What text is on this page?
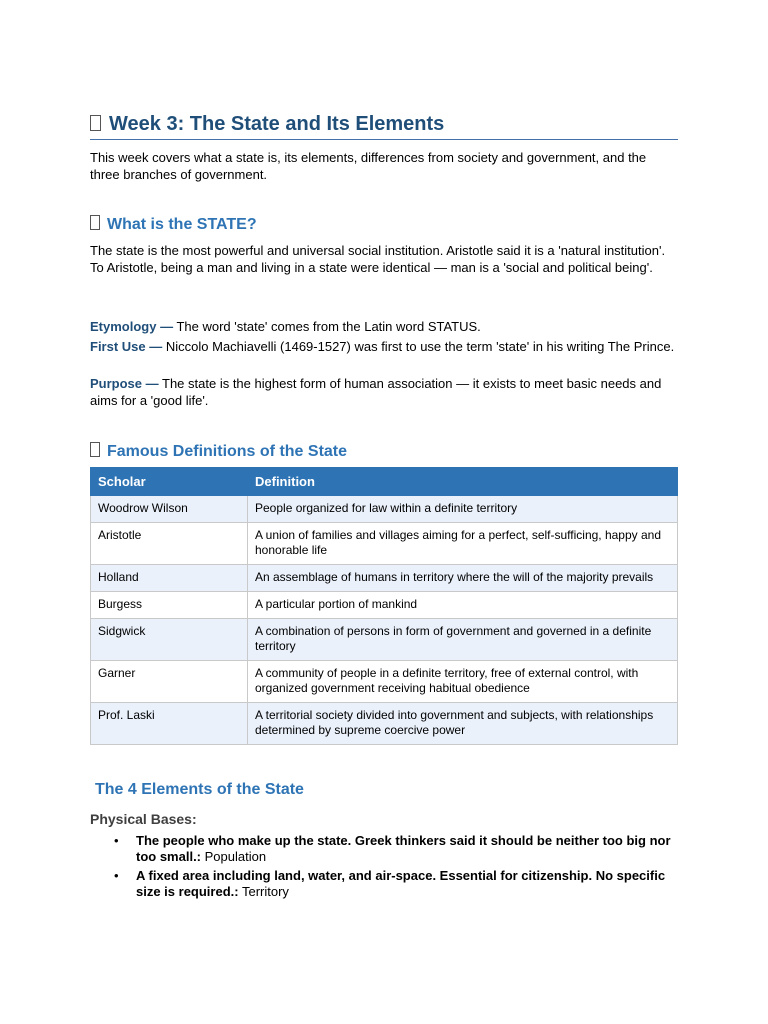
Week 3: The State and Its Elements
This week covers what a state is, its elements, differences from society and government, and the three branches of government.
What is the STATE?
The state is the most powerful and universal social institution. Aristotle said it is a 'natural institution'. To Aristotle, being a man and living in a state were identical — man is a 'social and political being'.
Etymology — The word 'state' comes from the Latin word STATUS.
First Use — Niccolo Machiavelli (1469-1527) was first to use the term 'state' in his writing The Prince.
Purpose — The state is the highest form of human association — it exists to meet basic needs and aims for a 'good life'.
Famous Definitions of the State
Scholar	Definition
Woodrow Wilson	People organized for law within a definite territory
Aristotle	A union of families and villages aiming for a perfect, self-sufficing, happy and honorable life
Holland	An assemblage of humans in territory where the will of the majority prevails
Burgess	A particular portion of mankind
Sidgwick	A combination of persons in form of government and governed in a definite territory
Garner	A community of people in a definite territory, free of external control, with organized government receiving habitual obedience
Prof. Laski	A territorial society divided into government and subjects, with relationships determined by supreme coercive power
The 4 Elements of the State
Physical Bases:
• The people who make up the state. Greek thinkers said it should be neither too big nor too small.: Population
• A fixed area including land, water, and air-space. Essential for citizenship. No specific size is required.: Territory
